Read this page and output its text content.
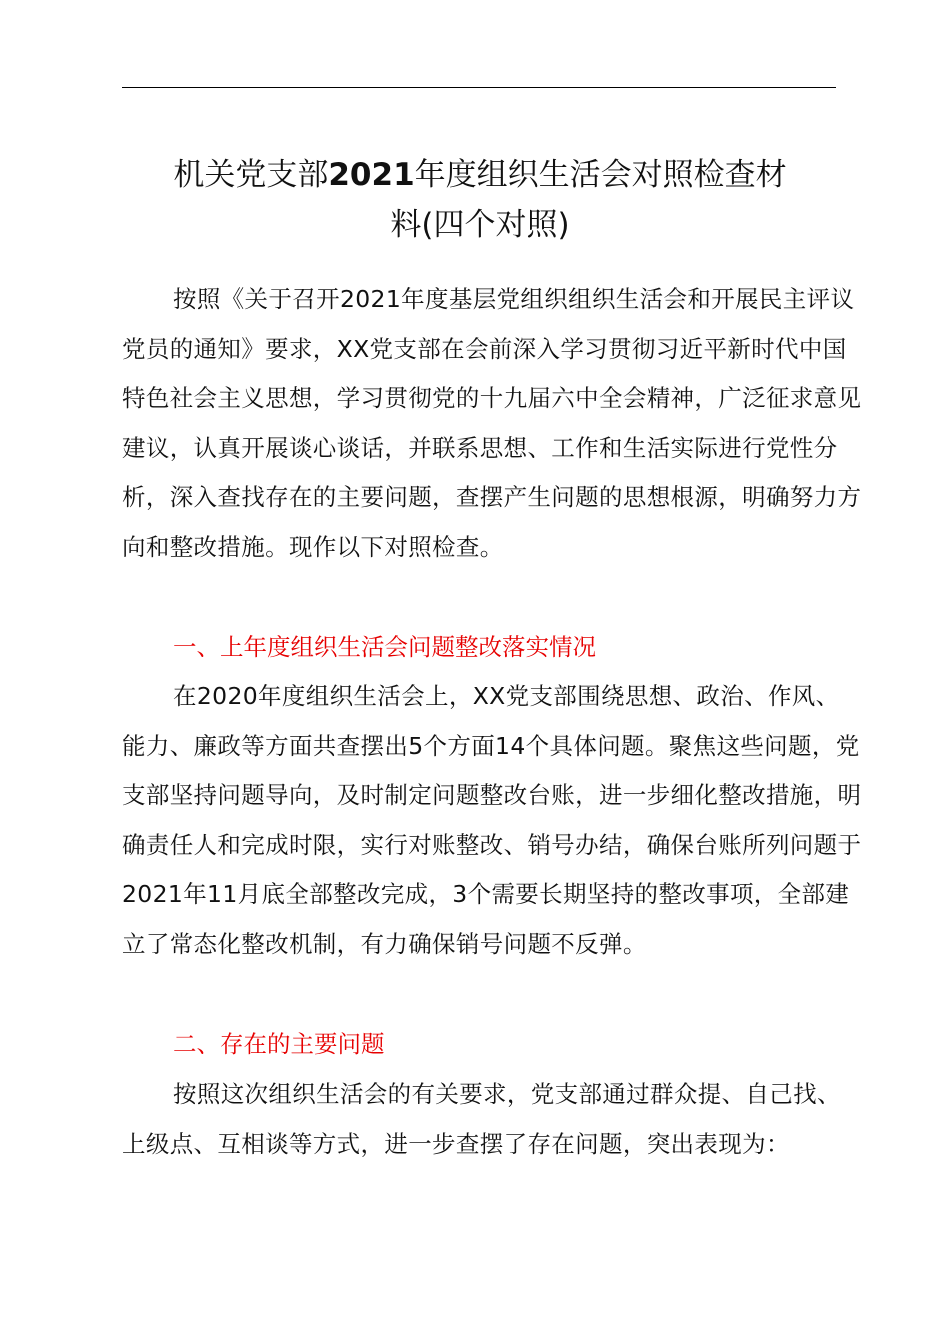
机关党支部2021年度组织生活会对照检查材
料(四个对照)

按照《关于召开2021年度基层党组织组织生活会和开展民主评议党员的通知》要求，XX党支部在会前深入学习贯彻习近平新时代中国特色社会主义思想，学习贯彻党的十九届六中全会精神，广泛征求意见建议，认真开展谈心谈话，并联系思想、工作和生活实际进行党性分析，深入查找存在的主要问题，查摆产生问题的思想根源，明确努力方向和整改措施。现作以下对照检查。

一、上年度组织生活会问题整改落实情况

在2020年度组织生活会上，XX党支部围绕思想、政治、作风、能力、廉政等方面共查摆出5个方面14个具体问题。聚焦这些问题，党支部坚持问题导向，及时制定问题整改台账，进一步细化整改措施，明确责任人和完成时限，实行对账整改、销号办结，确保台账所列问题于2021年11月底全部整改完成，3个需要长期坚持的整改事项，全部建立了常态化整改机制，有力确保销号问题不反弹。

二、存在的主要问题

按照这次组织生活会的有关要求，党支部通过群众提、自己找、上级点、互相谈等方式，进一步查摆了存在问题，突出表现为：
